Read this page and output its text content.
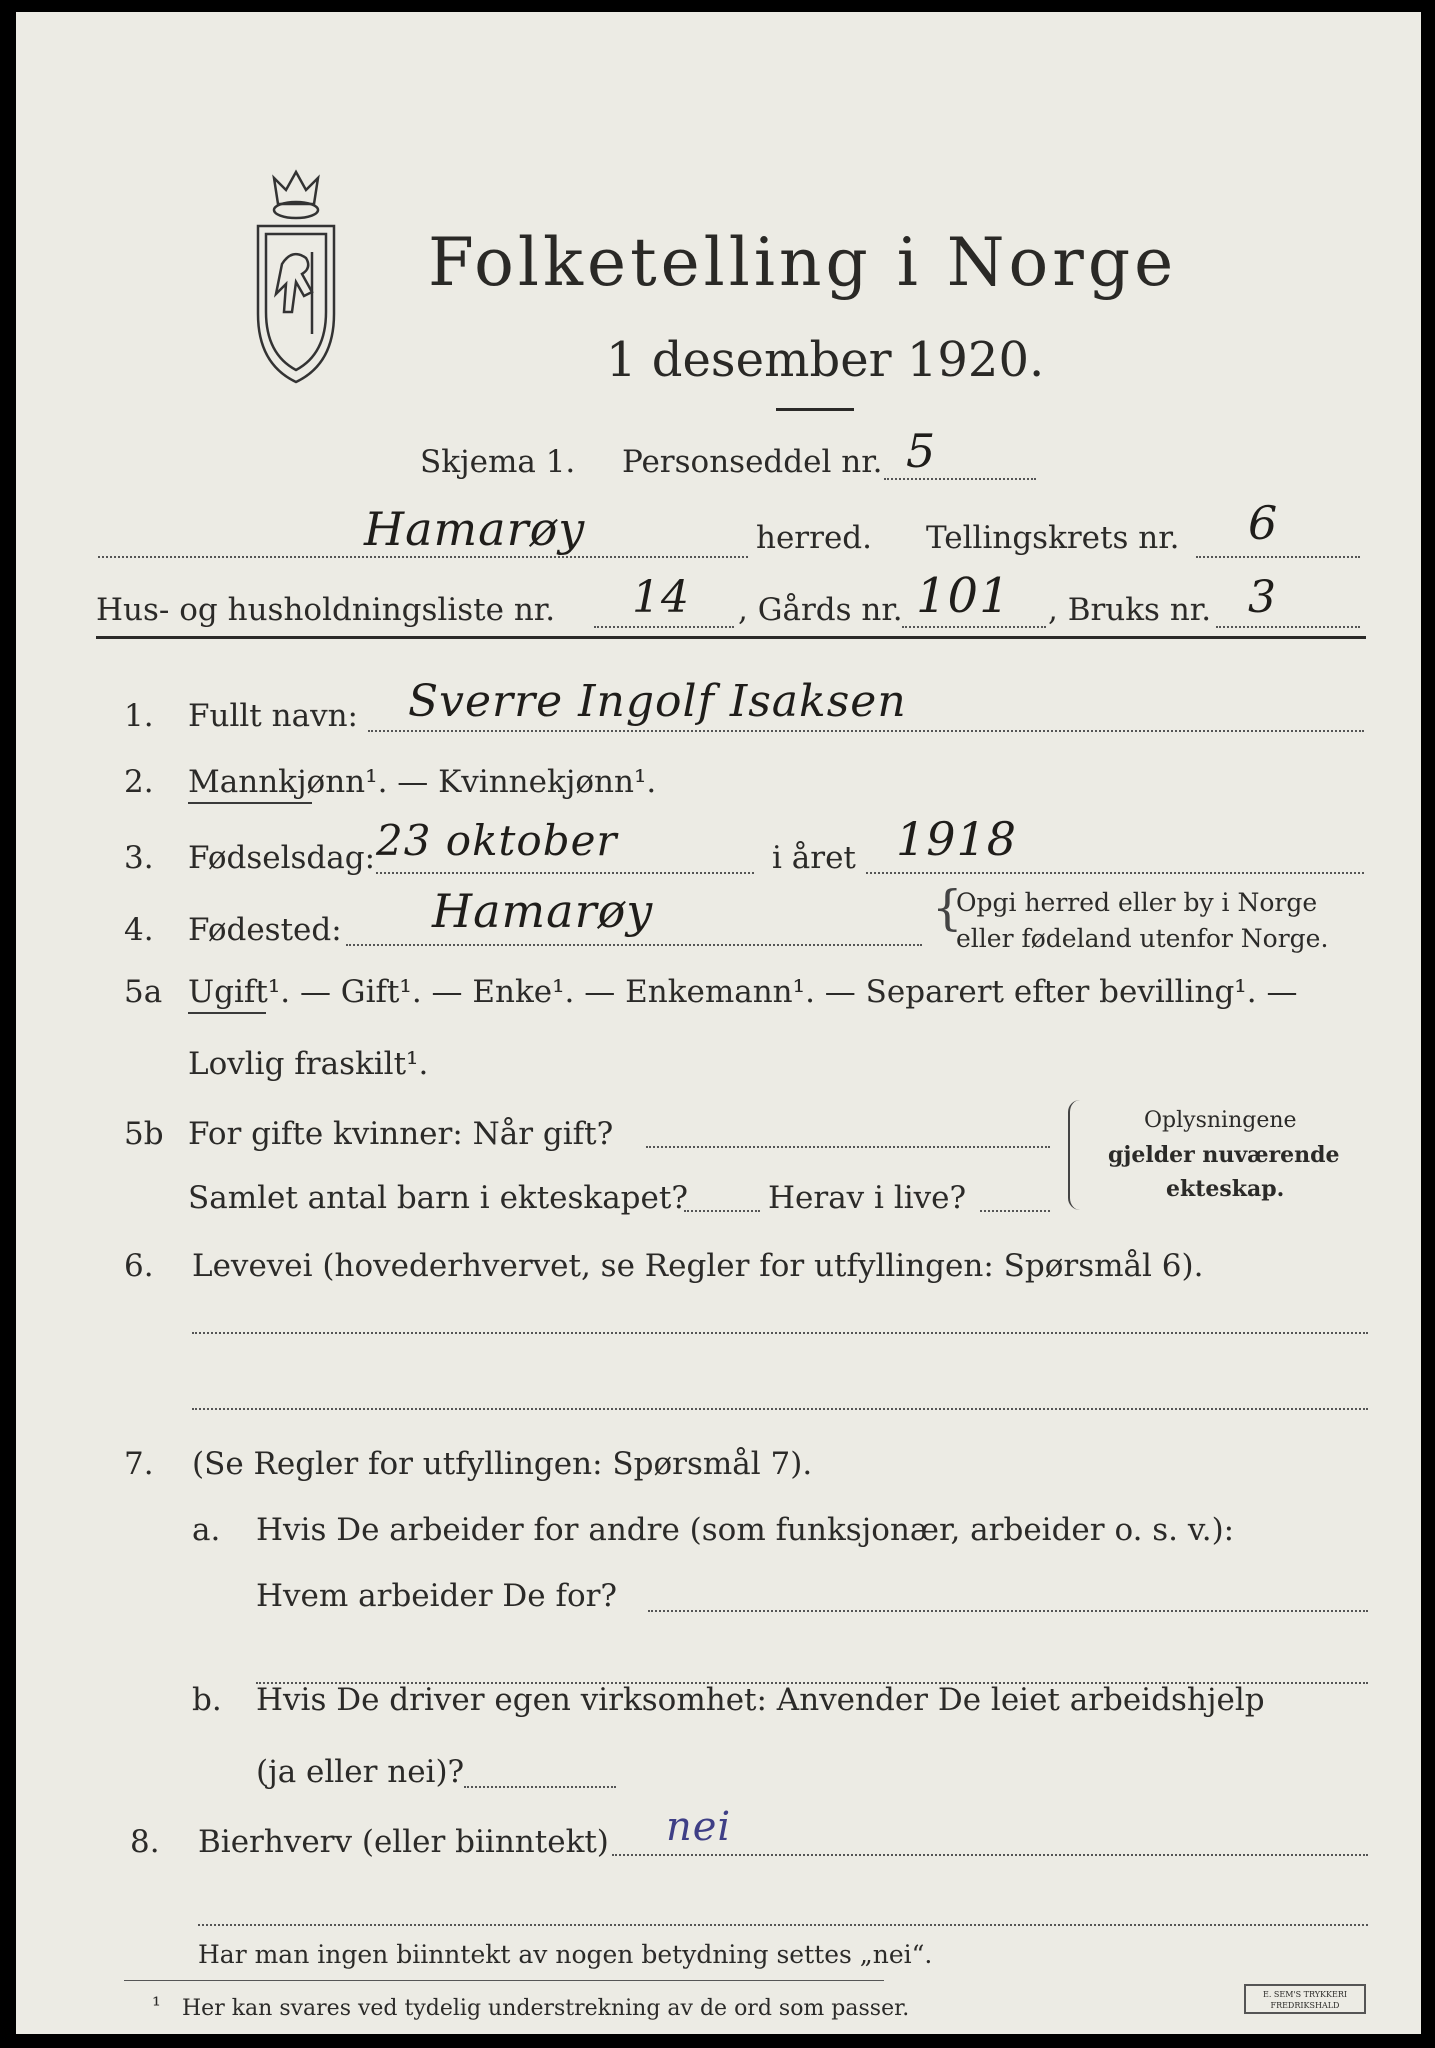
Folketelling i Norge
1 desember 1920.
Skjema 1. Personseddel nr. 5
Hamarøy	herred. Tellingskrets nr. 6
Hus- og husholdningsliste nr. 14 , Gårds nr. 101 , Bruks nr. 3
1. Fullt navn: Sverre Ingolf Isaksen
2. Mannkjønn¹. — Kvinnekjønn¹.
3. Fødselsdag: 23 oktober	i året 1918
4. Fødested: Hamarøy	{
Opgi herred eller by i Norge
eller fødeland utenfor Norge.
5a Ugift¹. — Gift¹. — Enke¹. — Enkemann¹. — Separert efter bevilling¹. —
Lovlig fraskilt¹.
5b For gifte kvinner: Når gift?
Samlet antal barn i ekteskapet?	Herav i live?
Oplysningene
gjelder nuværende
ekteskap.
6. Levevei (hovederhvervet, se Regler for utfyllingen: Spørsmål 6).
7. (Se Regler for utfyllingen: Spørsmål 7).
a. Hvis De arbeider for andre (som funksjonær, arbeider o. s. v.):
Hvem arbeider De for?
b. Hvis De driver egen virksomhet: Anvender De leiet arbeidshjelp
(ja eller nei)?
8. Bierhverv (eller biinntekt) nei
Har man ingen biinntekt av nogen betydning settes „nei“.
¹ Her kan svares ved tydelig understrekning av de ord som passer.
E. SEM'S TRYKKERI
FREDRIKSHALD
